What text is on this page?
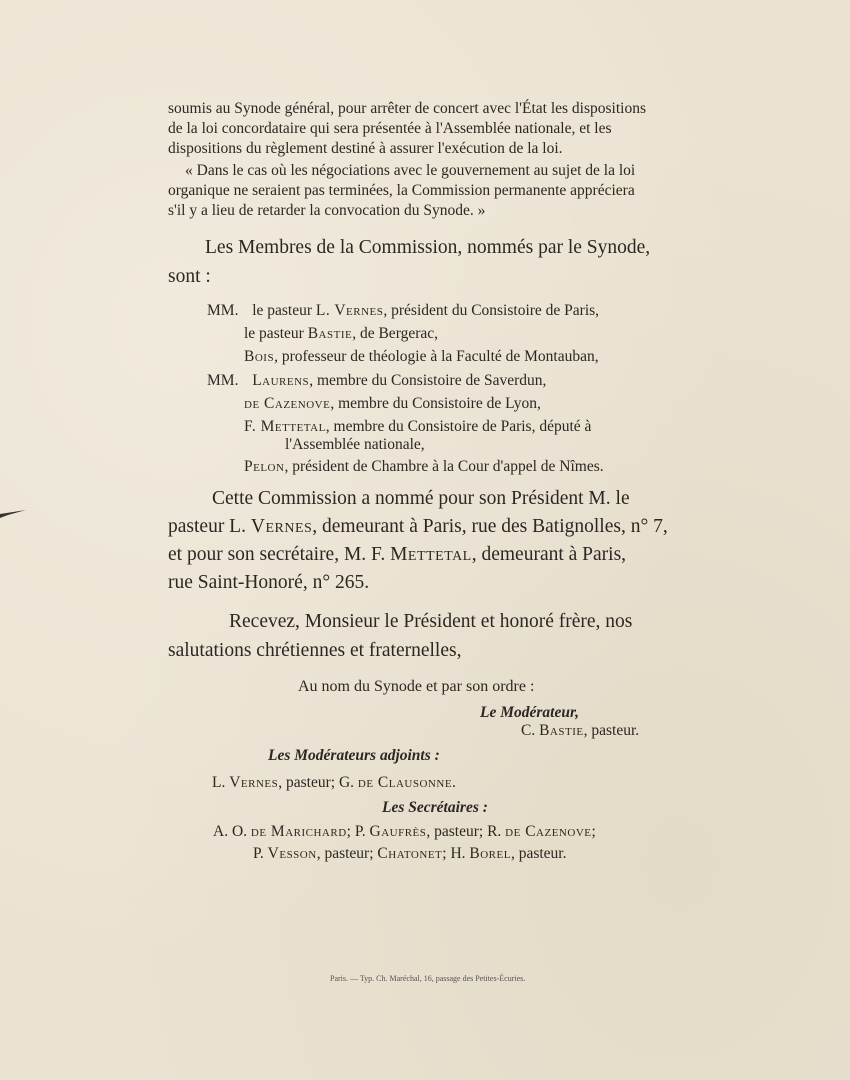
soumis au Synode général, pour arrêter de concert avec l'État les dispositions

de la loi concordataire qui sera présentée à l'Assemblée nationale, et les

dispositions du règlement destiné à assurer l'exécution de la loi.

« Dans le cas où les négociations avec le gouvernement au sujet de la loi

organique ne seraient pas terminées, la Commission permanente appréciera

s'il y a lieu de retarder la convocation du Synode. »

Les Membres de la Commission, nommés par le Synode,

sont :

MM. le pasteur L. Vernes, président du Consistoire de Paris,

le pasteur Bastie, de Bergerac,

Bois, professeur de théologie à la Faculté de Montauban,

MM. Laurens, membre du Consistoire de Saverdun,

de Cazenove, membre du Consistoire de Lyon,

F. Mettetal, membre du Consistoire de Paris, député à

l'Assemblée nationale,

Pelon, président de Chambre à la Cour d'appel de Nîmes.

Cette Commission a nommé pour son Président M. le

pasteur L. Vernes, demeurant à Paris, rue des Batignolles, n° 7,

et pour son secrétaire, M. F. Mettetal, demeurant à Paris,

rue Saint-Honoré, n° 265.

Recevez, Monsieur le Président et honoré frère, nos

salutations chrétiennes et fraternelles,

Au nom du Synode et par son ordre :

Le Modérateur,

C. Bastie, pasteur.

Les Modérateurs adjoints :

L. Vernes, pasteur; G. de Clausonne.

Les Secrétaires :

A. O. de Marichard; P. Gaufrès, pasteur; R. de Cazenove;

P. Vesson, pasteur; Chatonet; H. Borel, pasteur.

Paris. — Typ. Ch. Maréchal, 16, passage des Petites-Écuries.
